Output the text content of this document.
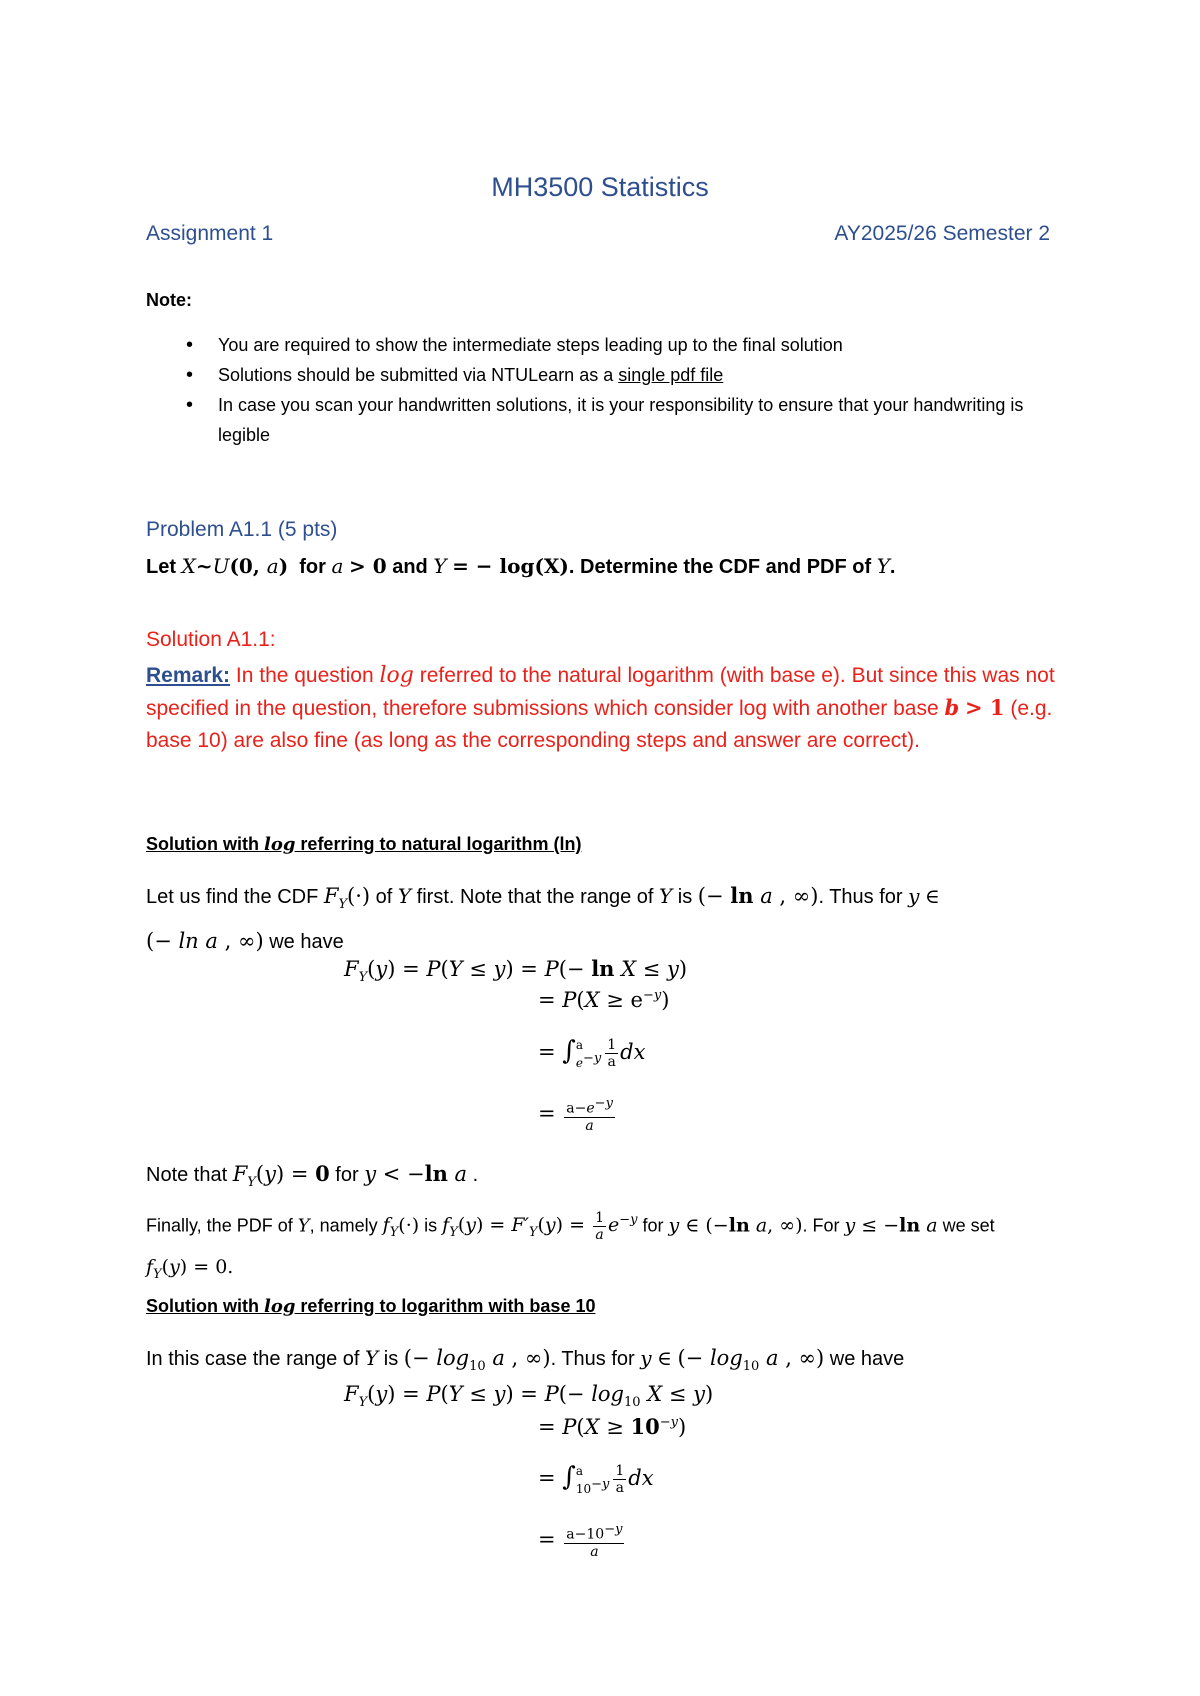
MH3500 Statistics
Assignment 1	AY2025/26 Semester 2
Note:
• You are required to show the intermediate steps leading up to the final solution
• Solutions should be submitted via NTULearn as a single pdf file
• In case you scan your handwritten solutions, it is your responsibility to ensure that your handwriting is legible
Problem A1.1 (5 pts)
Let X~U(0, a)  for a > 0 and Y = − log(X). Determine the CDF and PDF of Y.
Solution A1.1:
Remark: In the question log referred to the natural logarithm (with base e). But since this was not specified in the question, therefore submissions which consider log with another base b > 1 (e.g. base 10) are also fine (as long as the corresponding steps and answer are correct).
Solution with log referring to natural logarithm (ln)
Let us find the CDF $F_Y(\cdot)$ of Y first. Note that the range of Y is (− ln a , ∞). Thus for y ∈
(− ln a , ∞) we have
$F_Y(y) = P(Y \le y) = P(- \ln X \le y)$
= $P(X \ge e^{-y})$
= ∫ a
$e^{-y} \frac{1}{a}$ dx
= $\frac{a-e^{-y}}{a}$
Note that $F_Y(y) = 0$ for y < −ln a .
Finally, the PDF of Y, namely $f_Y(\cdot)$ is $f_Y(y) = F'_Y(y) = \frac{1}{a} e^{-y}$ for y ∈ (−ln a, ∞). For y ≤ −ln a we set $f_Y(y) = 0$.
Solution with log referring to logarithm with base 10
In this case the range of Y is (− $\log_{10} a$ , ∞). Thus for y ∈ (− $\log_{10} a$ , ∞) we have
$F_Y(y) = P(Y \le y) = P(- \log_{10} X \le y)$
= $P(X \ge 10^{-y})$
= ∫ a
$10^{-y} \frac{1}{a}$ dx
= $\frac{a-10^{-y}}{a}$
